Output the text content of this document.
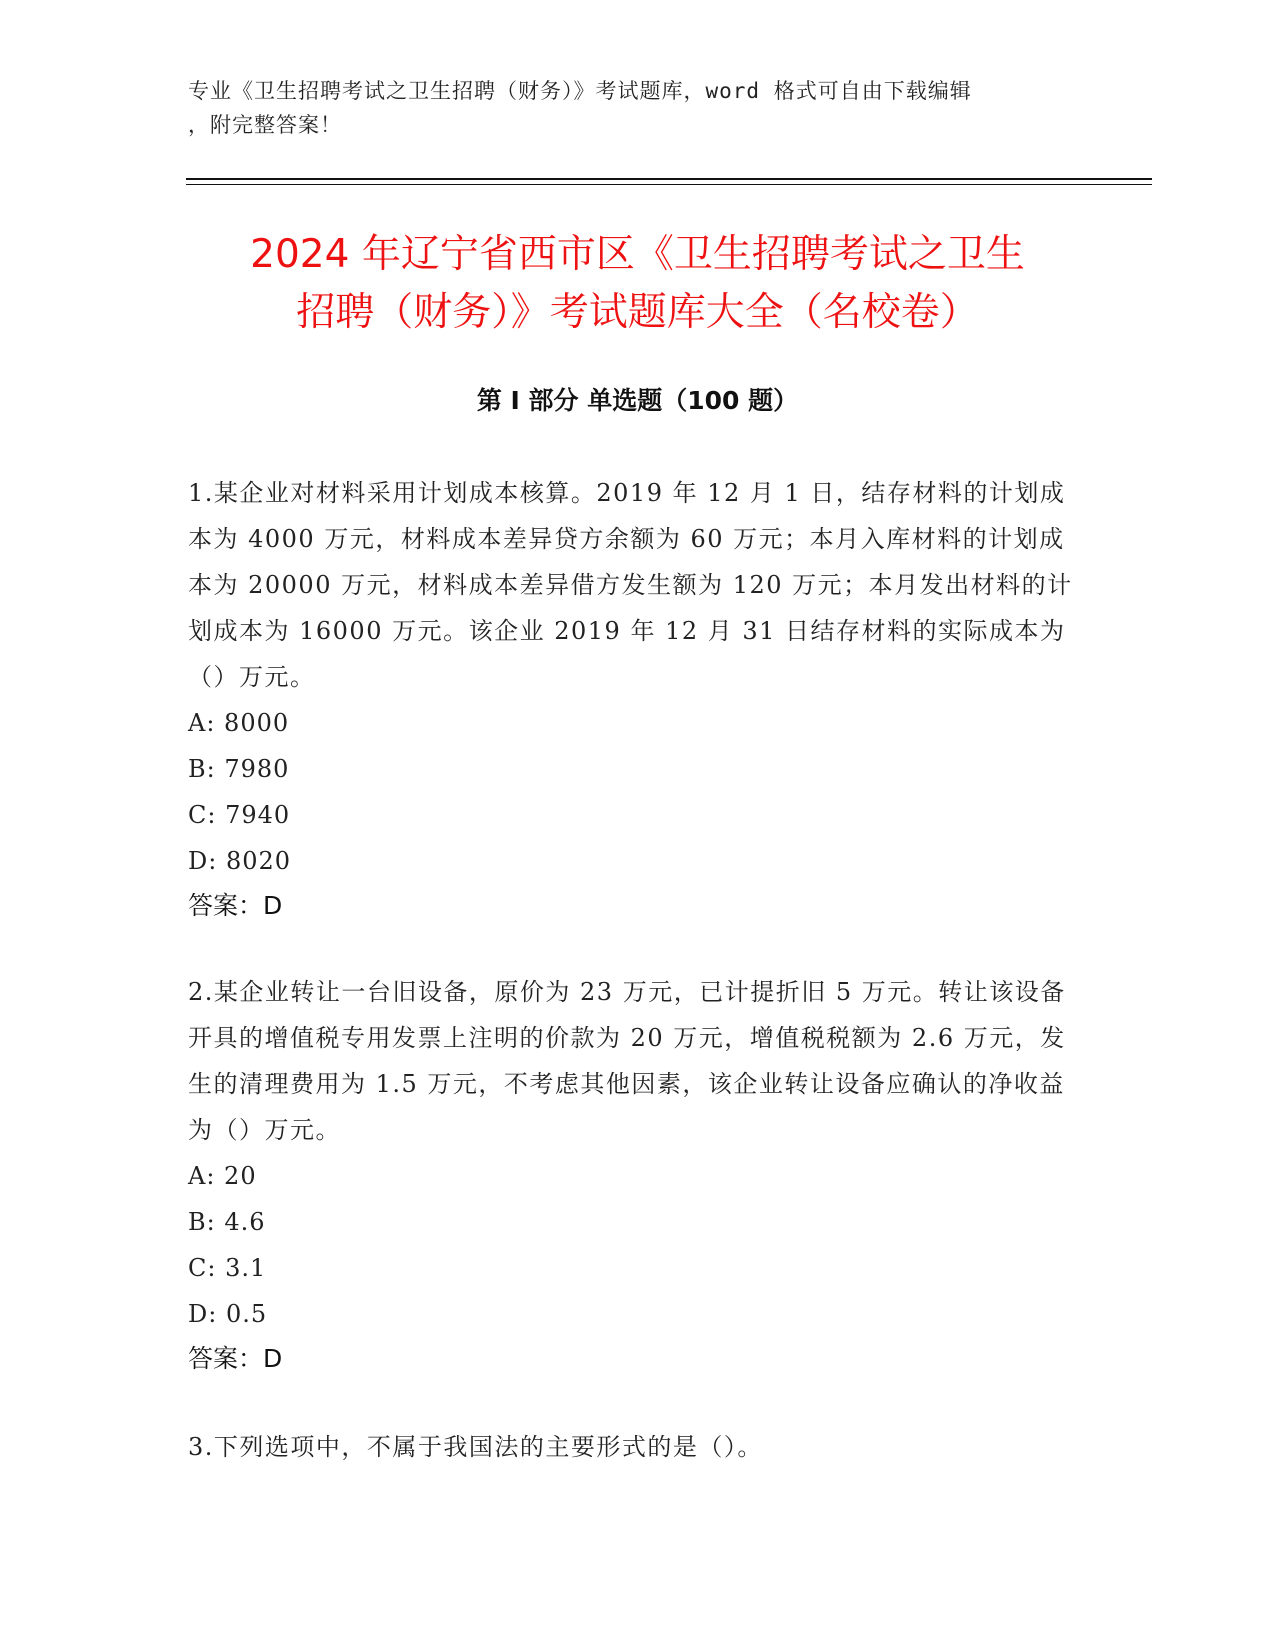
专业《卫生招聘考试之卫生招聘（财务）》考试题库，word 格式可自由下载编辑
，附完整答案！
2024 年辽宁省西市区《卫生招聘考试之卫生
招聘（财务）》考试题库大全（名校卷）
第 I 部分 单选题（100 题）

1.某企业对材料采用计划成本核算。2019 年 12 月 1 日，结存材料的计划成本为 4000 万元，材料成本差异贷方余额为 60 万元；本月入库材料的计划成本为 20000 万元，材料成本差异借方发生额为 120 万元；本月发出材料的计划成本为 16000 万元。该企业 2019 年 12 月 31 日结存材料的实际成本为（）万元。

A: 8000
B: 7980
C: 7940
D: 8020
答案：D

2.某企业转让一台旧设备，原价为 23 万元，已计提折旧 5 万元。转让该设备开具的增值税专用发票上注明的价款为 20 万元，增值税税额为 2.6 万元，发生的清理费用为 1.5 万元，不考虑其他因素，该企业转让设备应确认的净收益为（）万元。

A: 20
B: 4.6
C: 3.1
D: 0.5
答案：D

3.下列选项中，不属于我国法的主要形式的是（）。
